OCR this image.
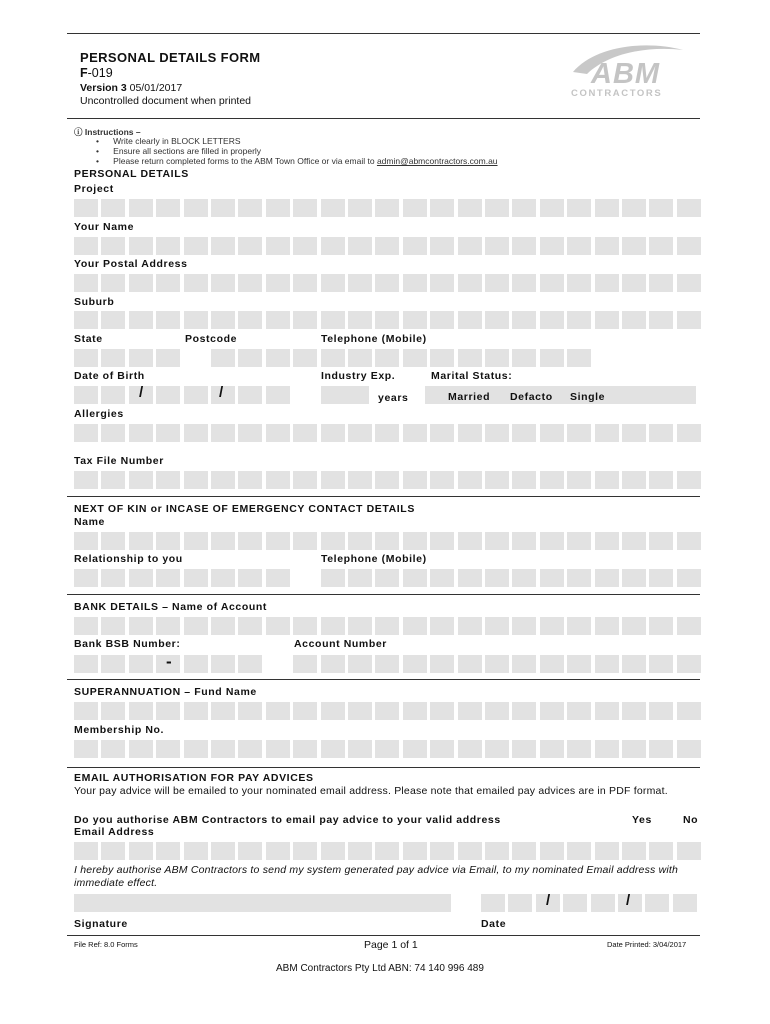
PERSONAL DETAILS FORM
F-019
Version 3 05/01/2017
Uncontrolled document when printed
ABM
CONTRACTORS
ⓘ Instructions –
•      Write clearly in BLOCK LETTERS
•      Ensure all sections are filled in properly
•      Please return completed forms to the ABM Town Office or via email to admin@abmcontractors.com.au
PERSONAL DETAILS
Project
Your Name
Your Postal Address
Suburb
State	Postcode	Telephone (Mobile)
Date of Birth	Industry Exp.	Marital Status:
/	/	years	Married Defacto Single
Allergies
Tax File Number
NEXT OF KIN or INCASE OF EMERGENCY CONTACT DETAILS
Name
Relationship to you	Telephone (Mobile)
BANK DETAILS – Name of Account
Bank BSB Number:	Account Number
-
SUPERANNUATION – Fund Name
Membership No.
EMAIL AUTHORISATION FOR PAY ADVICES
Your pay advice will be emailed to your nominated email address. Please note that emailed pay advices are in PDF format.
Do you authorise ABM Contractors to email pay advice to your valid address	Yes	No
Email Address
I hereby authorise ABM Contractors to send my system generated pay advice via Email, to my nominated Email address with immediate effect.
/	/
Signature	Date
File Ref: 8.0 Forms	Page 1 of 1	Date Printed: 3/04/2017
ABM Contractors Pty Ltd ABN: 74 140 996 489
